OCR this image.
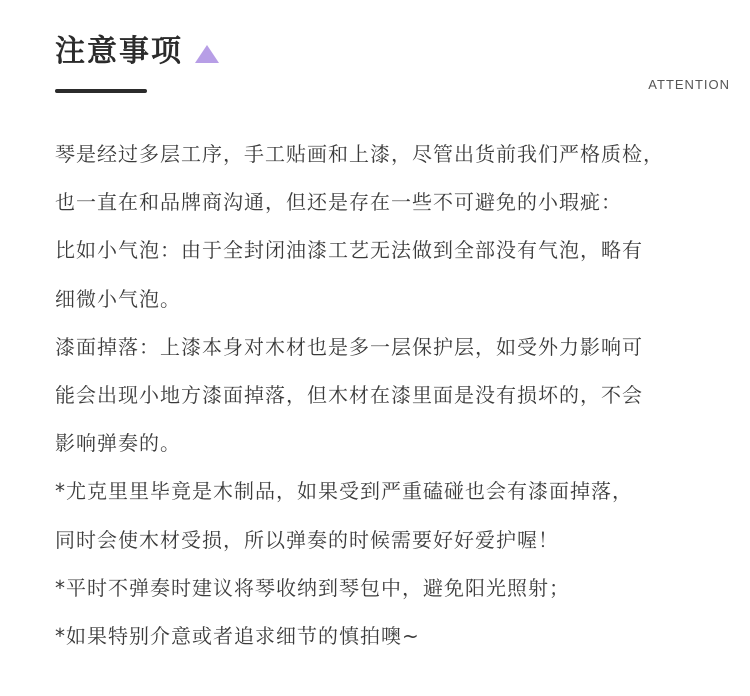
注意事项
ATTENTION
琴是经过多层工序，手工贴画和上漆，尽管出货前我们严格质检，
也一直在和品牌商沟通，但还是存在一些不可避免的小瑕疵：
比如小气泡：由于全封闭油漆工艺无法做到全部没有气泡，略有
细微小气泡。
漆面掉落：上漆本身对木材也是多一层保护层，如受外力影响可
能会出现小地方漆面掉落，但木材在漆里面是没有损坏的，不会
影响弹奏的。
*尤克里里毕竟是木制品，如果受到严重磕碰也会有漆面掉落，
同时会使木材受损，所以弹奏的时候需要好好爱护喔！
*平时不弹奏时建议将琴收纳到琴包中，避免阳光照射；
*如果特别介意或者追求细节的慎拍噢~
